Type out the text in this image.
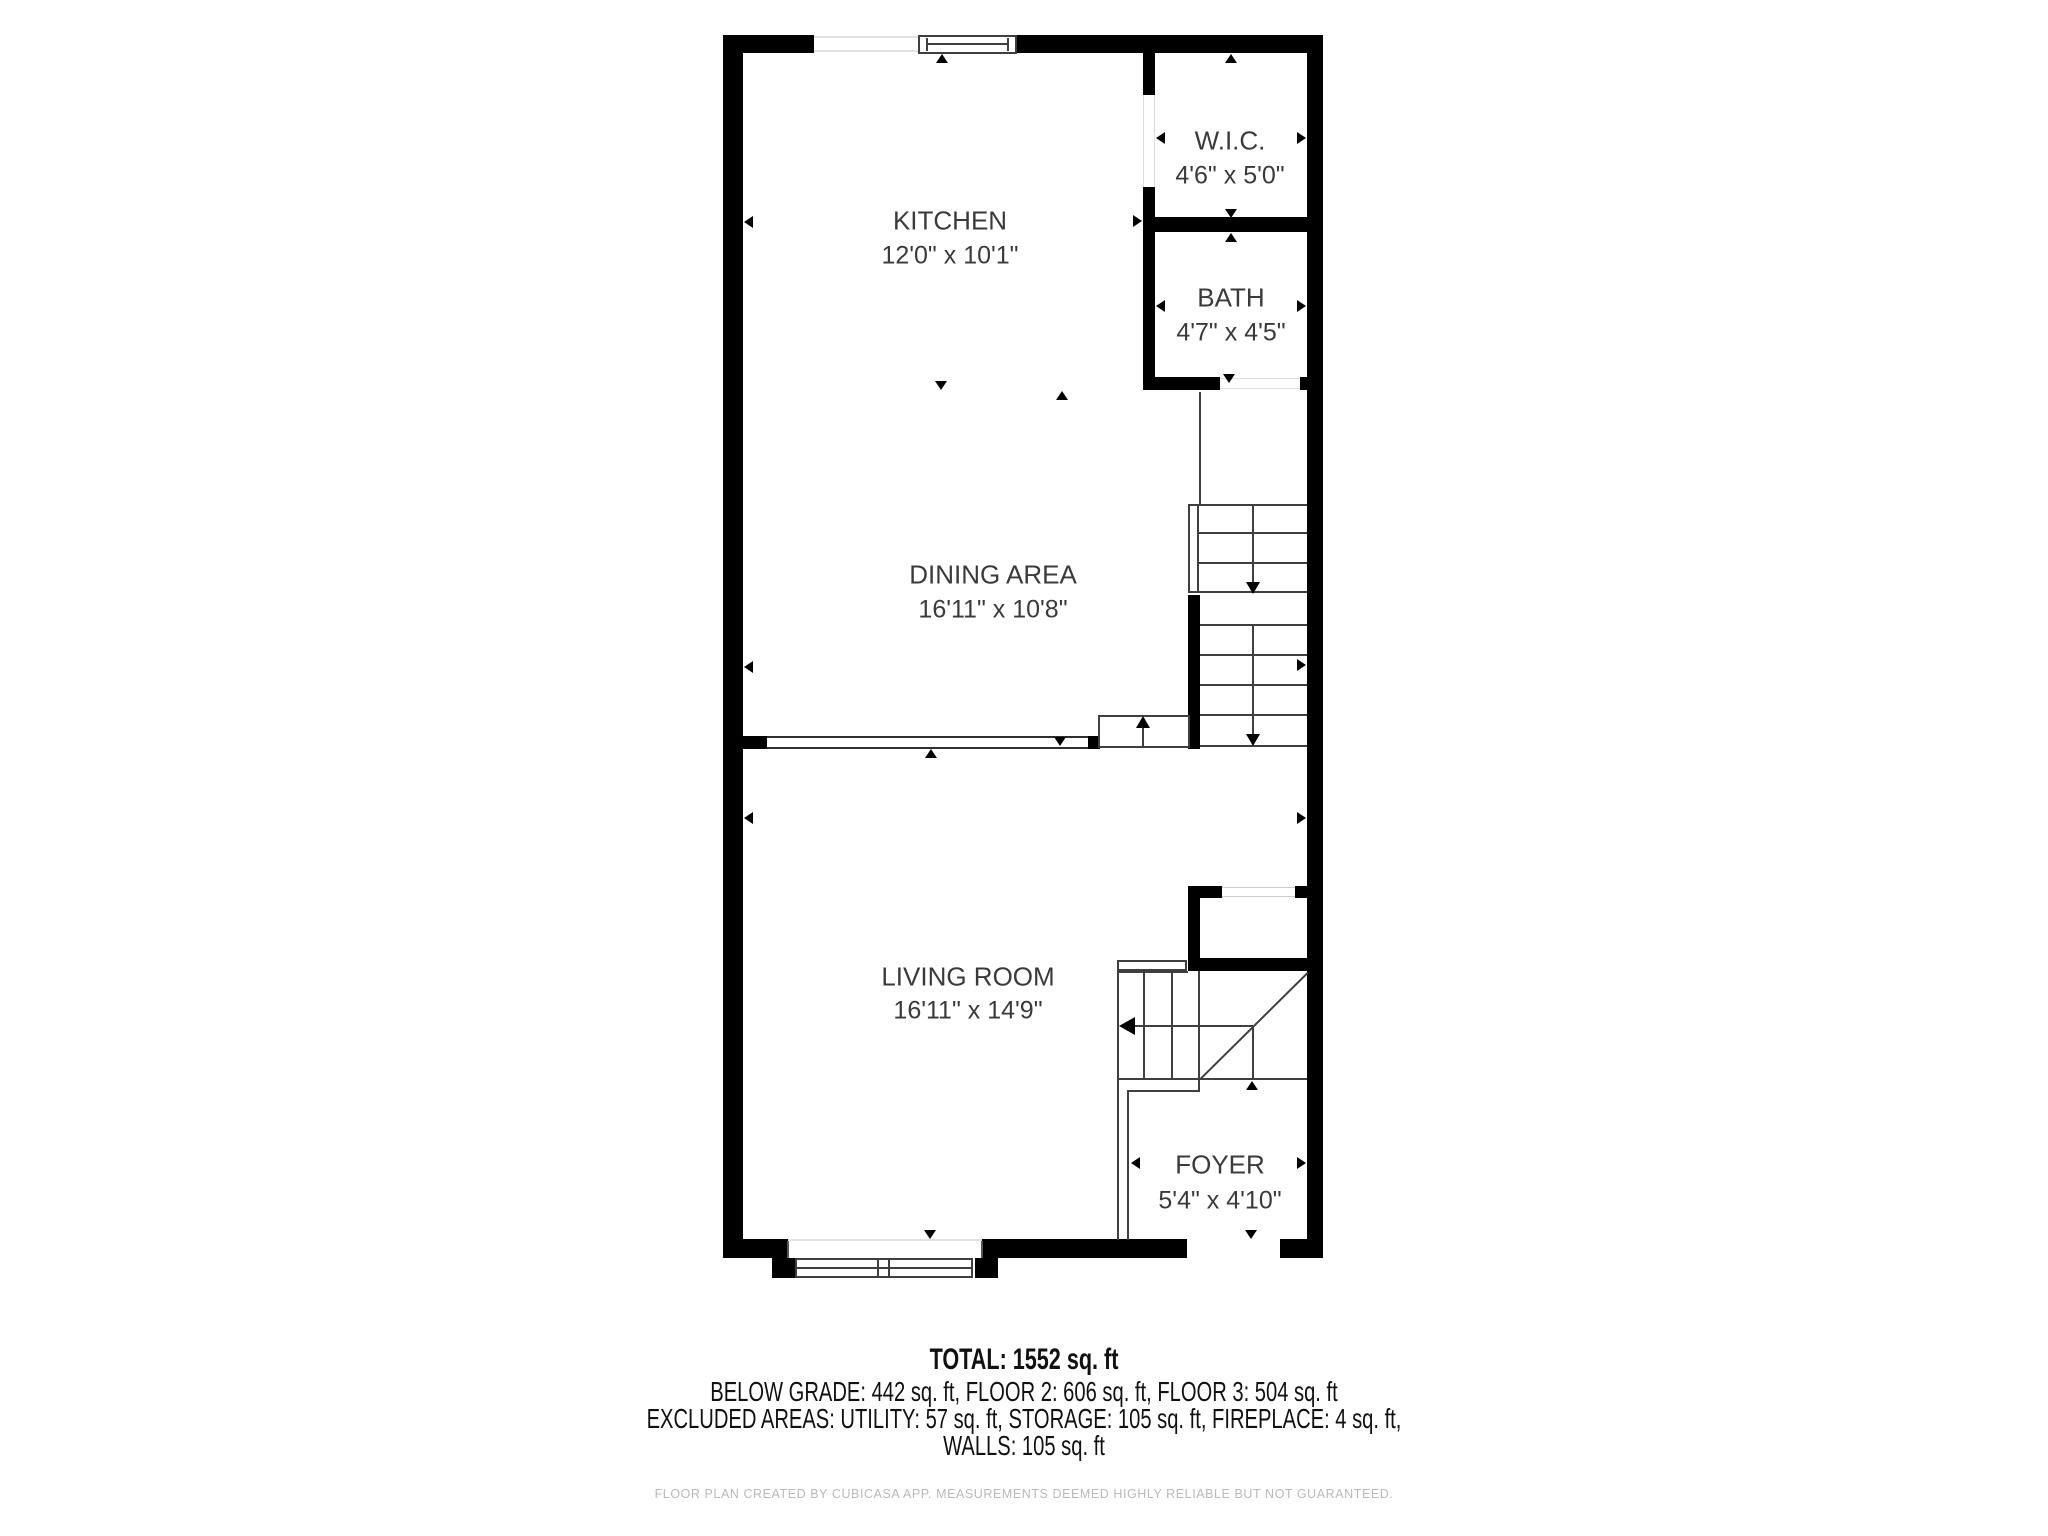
KITCHEN
12'0" x 10'1"
W.I.C.
4'6" x 5'0"
BATH
4'7" x 4'5"
DINING AREA
16'11" x 10'8"
LIVING ROOM
16'11" x 14'9"
FOYER
5'4" x 4'10"
TOTAL: 1552 sq. ft
BELOW GRADE: 442 sq. ft, FLOOR 2: 606 sq. ft, FLOOR 3: 504 sq. ft
EXCLUDED AREAS: UTILITY: 57 sq. ft, STORAGE: 105 sq. ft, FIREPLACE: 4 sq. ft,
WALLS: 105 sq. ft
FLOOR PLAN CREATED BY CUBICASA APP. MEASUREMENTS DEEMED HIGHLY RELIABLE BUT NOT GUARANTEED.
